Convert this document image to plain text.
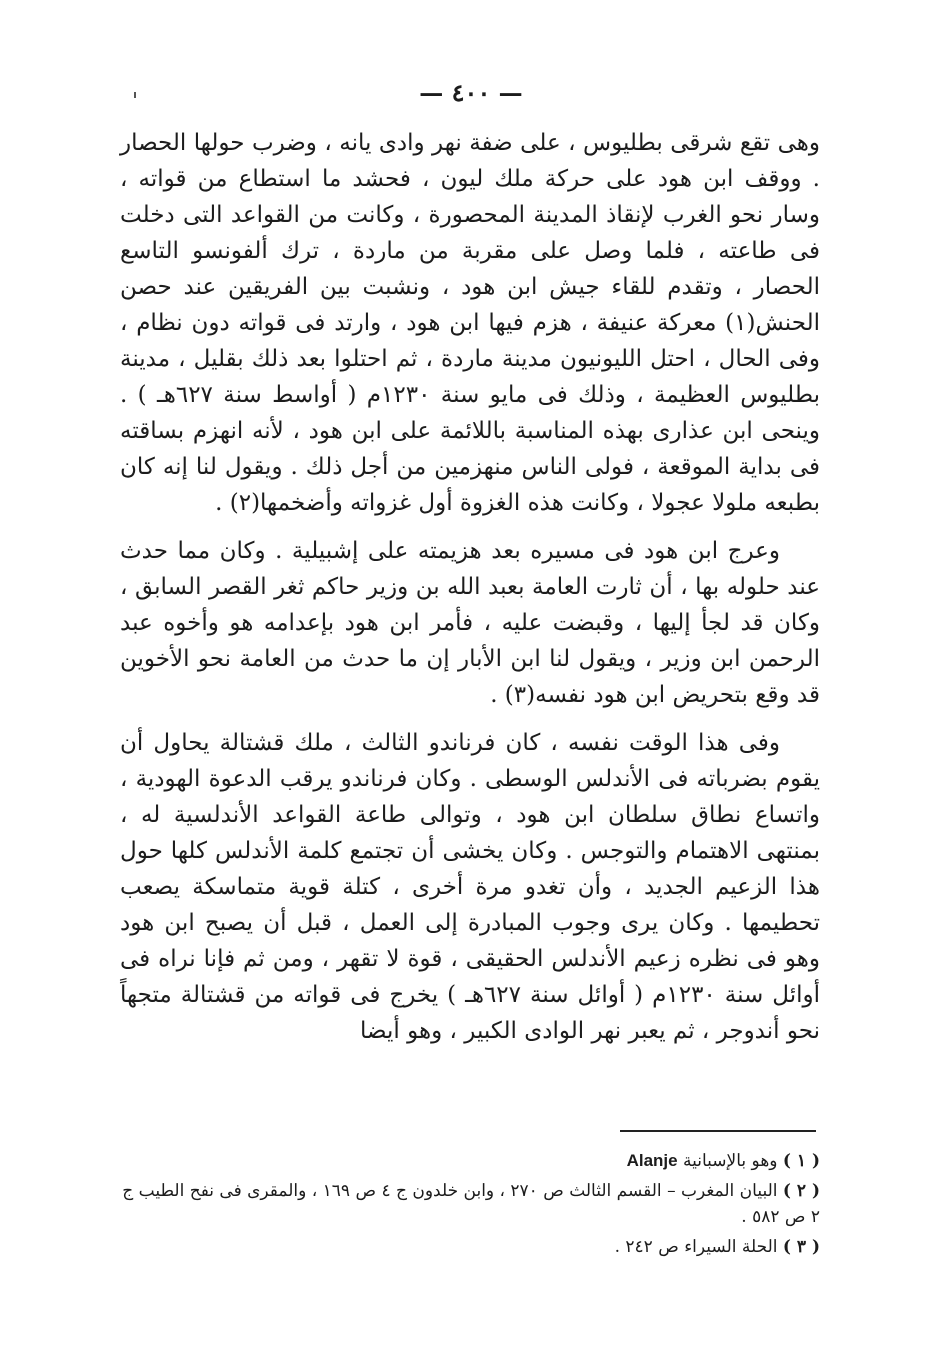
— ٤٠٠ —

وهى تقع شرقى بطليوس ، على ضفة نهر وادى يانه ، وضرب حولها الحصار . ووقف ابن هود على حركة ملك ليون ، فحشد ما استطاع من قواته ، وسار نحو الغرب لإنقاذ المدينة المحصورة ، وكانت من القواعد التى دخلت فى طاعته ، فلما وصل على مقربة من ماردة ، ترك ألفونسو التاسع الحصار ، وتقدم للقاء جيش ابن هود ، ونشبت بين الفريقين عند حصن الحنش(١) معركة عنيفة ، هزم فيها ابن هود ، وارتد فى قواته دون نظام ، وفى الحال ، احتل الليونيون مدينة ماردة ، ثم احتلوا بعد ذلك بقليل ، مدينة بطليوس العظيمة ، وذلك فى مايو سنة ١٢٣٠م ( أواسط سنة ٦٢٧هـ ) . وينحى ابن عذارى بهذه المناسبة باللائمة على ابن هود ، لأنه انهزم بساقته فى بداية الموقعة ، فولى الناس منهزمين من أجل ذلك . ويقول لنا إنه كان بطبعه ملولا عجولا ، وكانت هذه الغزوة أول غزواته وأضخمها(٢) .

وعرج ابن هود فى مسيره بعد هزيمته على إشبيلية . وكان مما حدث عند حلوله بها ، أن ثارت العامة بعبد الله بن وزير حاكم ثغر القصر السابق ، وكان قد لجأ إليها ، وقبضت عليه ، فأمر ابن هود بإعدامه هو وأخوه عبد الرحمن ابن وزير ، ويقول لنا ابن الأبار إن ما حدث من العامة نحو الأخوين قد وقع بتحريض ابن هود نفسه(٣) .

وفى هذا الوقت نفسه ، كان فرناندو الثالث ، ملك قشتالة يحاول أن يقوم بضرباته فى الأندلس الوسطى . وكان فرناندو يرقب الدعوة الهودية ، واتساع نطاق سلطان ابن هود ، وتوالى طاعة القواعد الأندلسية له ، بمنتهى الاهتمام والتوجس . وكان يخشى أن تجتمع كلمة الأندلس كلها حول هذا الزعيم الجديد ، وأن تغدو مرة أخرى ، كتلة قوية متماسكة يصعب تحطيمها . وكان يرى وجوب المبادرة إلى العمل ، قبل أن يصبح ابن هود وهو فى نظره زعيم الأندلس الحقيقى ، قوة لا تقهر ، ومن ثم فإنا نراه فى أوائل سنة ١٢٣٠م ( أوائل سنة ٦٢٧هـ ) يخرج فى قواته من قشتالة متجهاً نحو أندوجر ، ثم يعبر نهر الوادى الكبير ، وهو أيضا

( ١ ) وهو بالإسبانية Alanje

( ٢ ) البيان المغرب – القسم الثالث ص ٢٧٠ ، وابن خلدون ج ٤ ص ١٦٩ ، والمقرى فى نفح الطيب ج ٢ ص ٥٨٢ .

( ٣ ) الحلة السيراء ص ٢٤٢ .
